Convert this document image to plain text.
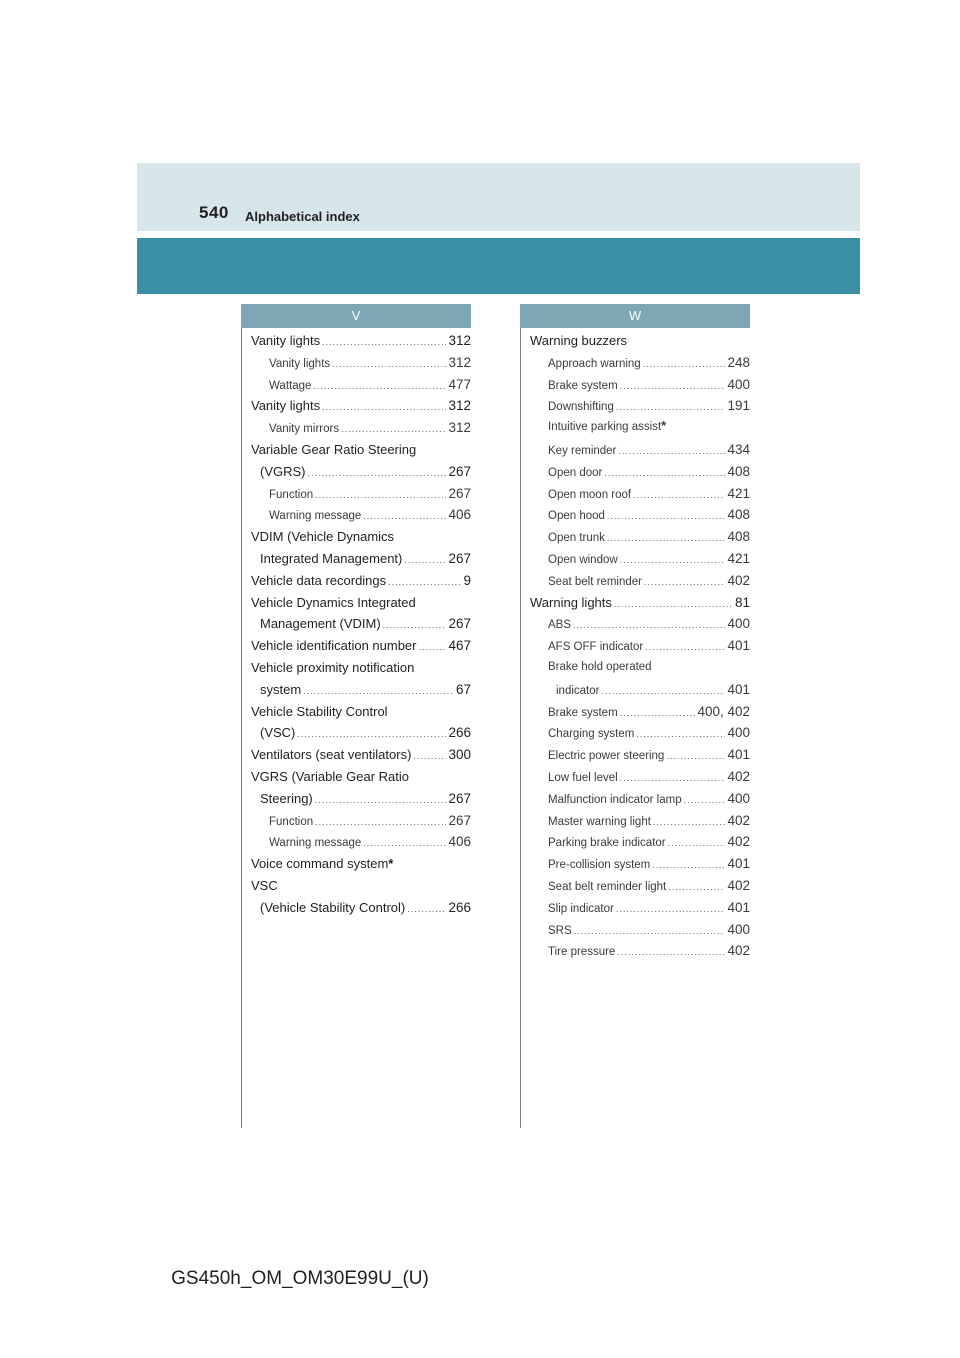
540 Alphabetical index
V
Vanity lights .....	312
Vanity lights .....	312
Wattage .....	477
Vanity lights .....	312
Vanity mirrors .....	312
Variable Gear Ratio Steering
(VGRS) .....	267
Function .....	267
Warning message .....	406
VDIM (Vehicle Dynamics
Integrated Management) .....	267
Vehicle data recordings .....	9
Vehicle Dynamics Integrated
Management (VDIM) .....	267
Vehicle identification number ..... 467
Vehicle proximity notification
system .....	67
Vehicle Stability Control
(VSC) .....	266
Ventilators (seat ventilators) .....	300
VGRS (Variable Gear Ratio
Steering) .....	267
Function .....	267
Warning message .....	406
Voice command system *
VSC
(Vehicle Stability Control) .....	266
W
Warning buzzers
Approach warning .....	248
Brake system .....	400
Downshifting .....	191
Intuitive parking assist *
Key reminder .....	434
Open door .....	408
Open moon roof .....	421
Open hood .....	408
Open trunk .....	408
Open window .....	421
Seat belt reminder .....	402
Warning lights .....	81
ABS .....	400
AFS OFF indicator .....	401
Brake hold operated
indicator .....	401
Brake system .....	400, 402
Charging system .....	400
Electric power steering .....	401
Low fuel level .....	402
Malfunction indicator lamp .....	400
Master warning light .....	402
Parking brake indicator .....	402
Pre-collision system .....	401
Seat belt reminder light .....	402
Slip indicator .....	401
SRS .....	400
Tire pressure .....	402
GS450h_OM_OM30E99U_(U)
